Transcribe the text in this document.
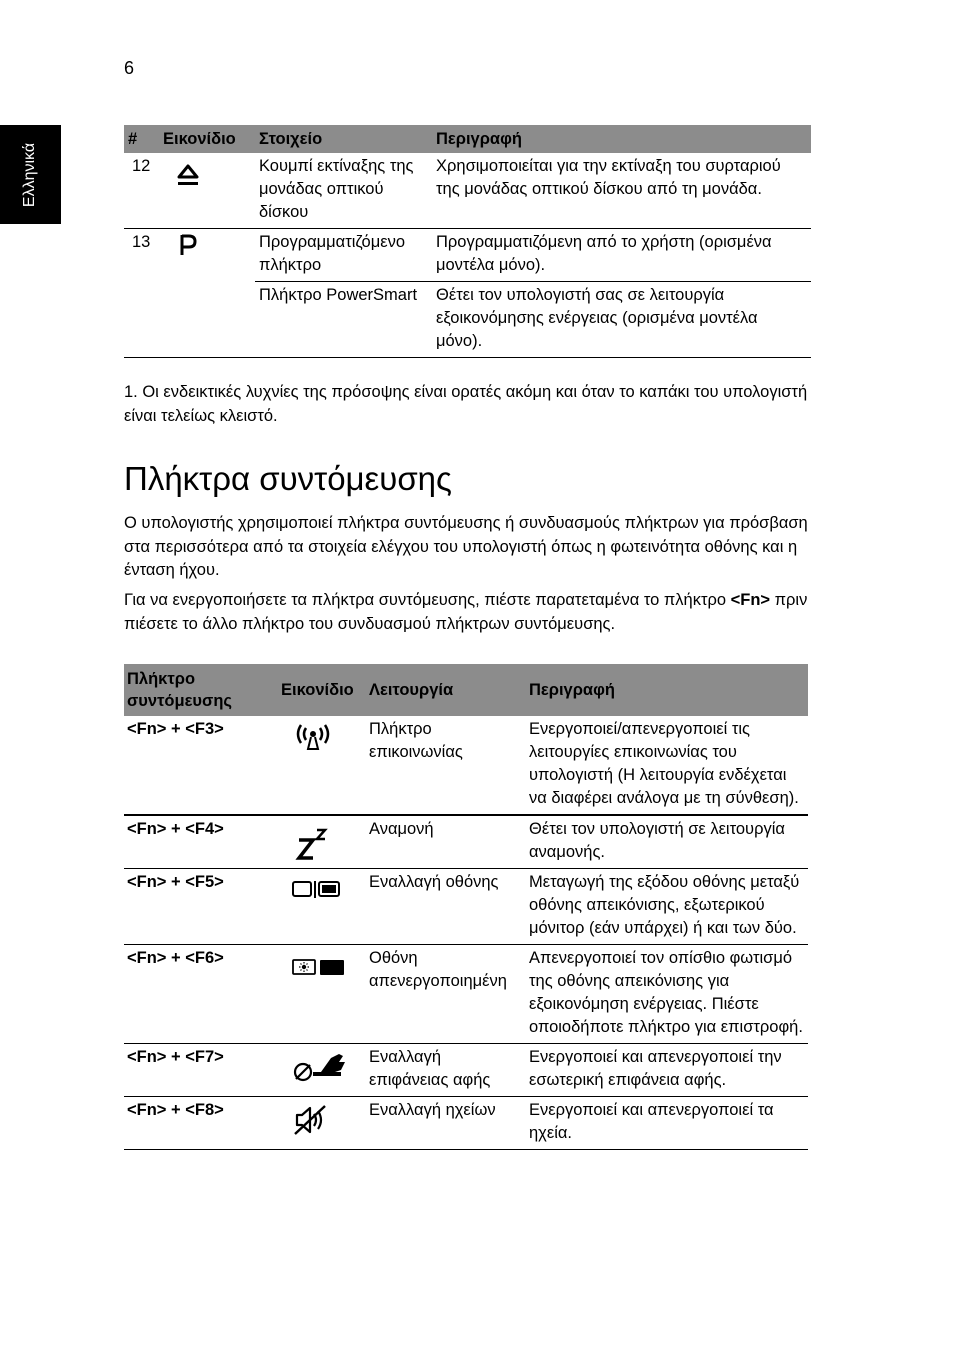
6
Ελληνικά
#	Εικονίδιο	Στοιχείο	Περιγραφή
12		Κουμπί εκτίναξης της μονάδας οπτικού δίσκου	Χρησιμοποιείται για την εκτίναξη του συρταριού της μονάδας οπτικού δίσκου από τη μονάδα.
13		Προγραμματιζόμενο πλήκτρο	Προγραμματιζόμενη από το χρήστη (ορισμένα μοντέλα μόνο).
		Πλήκτρο PowerSmart	Θέτει τον υπολογιστή σας σε λειτουργία εξοικονόμησης ενέργειας (ορισμένα μοντέλα μόνο).
1. Οι ενδεικτικές λυχνίες της πρόσοψης είναι ορατές ακόμη και όταν το καπάκι του υπολογιστή είναι τελείως κλειστό.
Πλήκτρα συντόμευσης

Ο υπολογιστής χρησιμοποιεί πλήκτρα συντόμευσης ή συνδυασμούς πλήκτρων για πρόσβαση στα περισσότερα από τα στοιχεία ελέγχου του υπολογιστή όπως η φωτεινότητα οθόνης και η ένταση ήχου.

Για να ενεργοποιήσετε τα πλήκτρα συντόμευσης, πιέστε παρατεταμένα το πλήκτρο <Fn> πριν πιέσετε το άλλο πλήκτρο του συνδυασμού πλήκτρων συντόμευσης.

Πλήκτρο συντόμευσης	Εικονίδιο	Λειτουργία	Περιγραφή
<Fn> + <F3>		Πλήκτρο επικοινωνίας	Ενεργοποιεί/απενεργοποιεί τις λειτουργίες επικοινωνίας του υπολογιστή (Η λειτουργία ενδέχεται να διαφέρει ανάλογα με τη σύνθεση).
<Fn> + <F4>		Αναμονή	Θέτει τον υπολογιστή σε λειτουργία αναμονής.
<Fn> + <F5>		Εναλλαγή οθόνης	Μεταγωγή της εξόδου οθόνης μεταξύ οθόνης απεικόνισης, εξωτερικού μόνιτορ (εάν υπάρχει) ή και των δύο.
<Fn> + <F6>		Οθόνη απενεργοποιημένη	Απενεργοποιεί τον οπίσθιο φωτισμό της οθόνης απεικόνισης για εξοικονόμηση ενέργειας. Πιέστε οποιοδήποτε πλήκτρο για επιστροφή.
<Fn> + <F7>		Εναλλαγή επιφάνειας αφής	Ενεργοποιεί και απενεργοποιεί την εσωτερική επιφάνεια αφής.
<Fn> + <F8>		Εναλλαγή ηχείων	Ενεργοποιεί και απενεργοποιεί τα ηχεία.
